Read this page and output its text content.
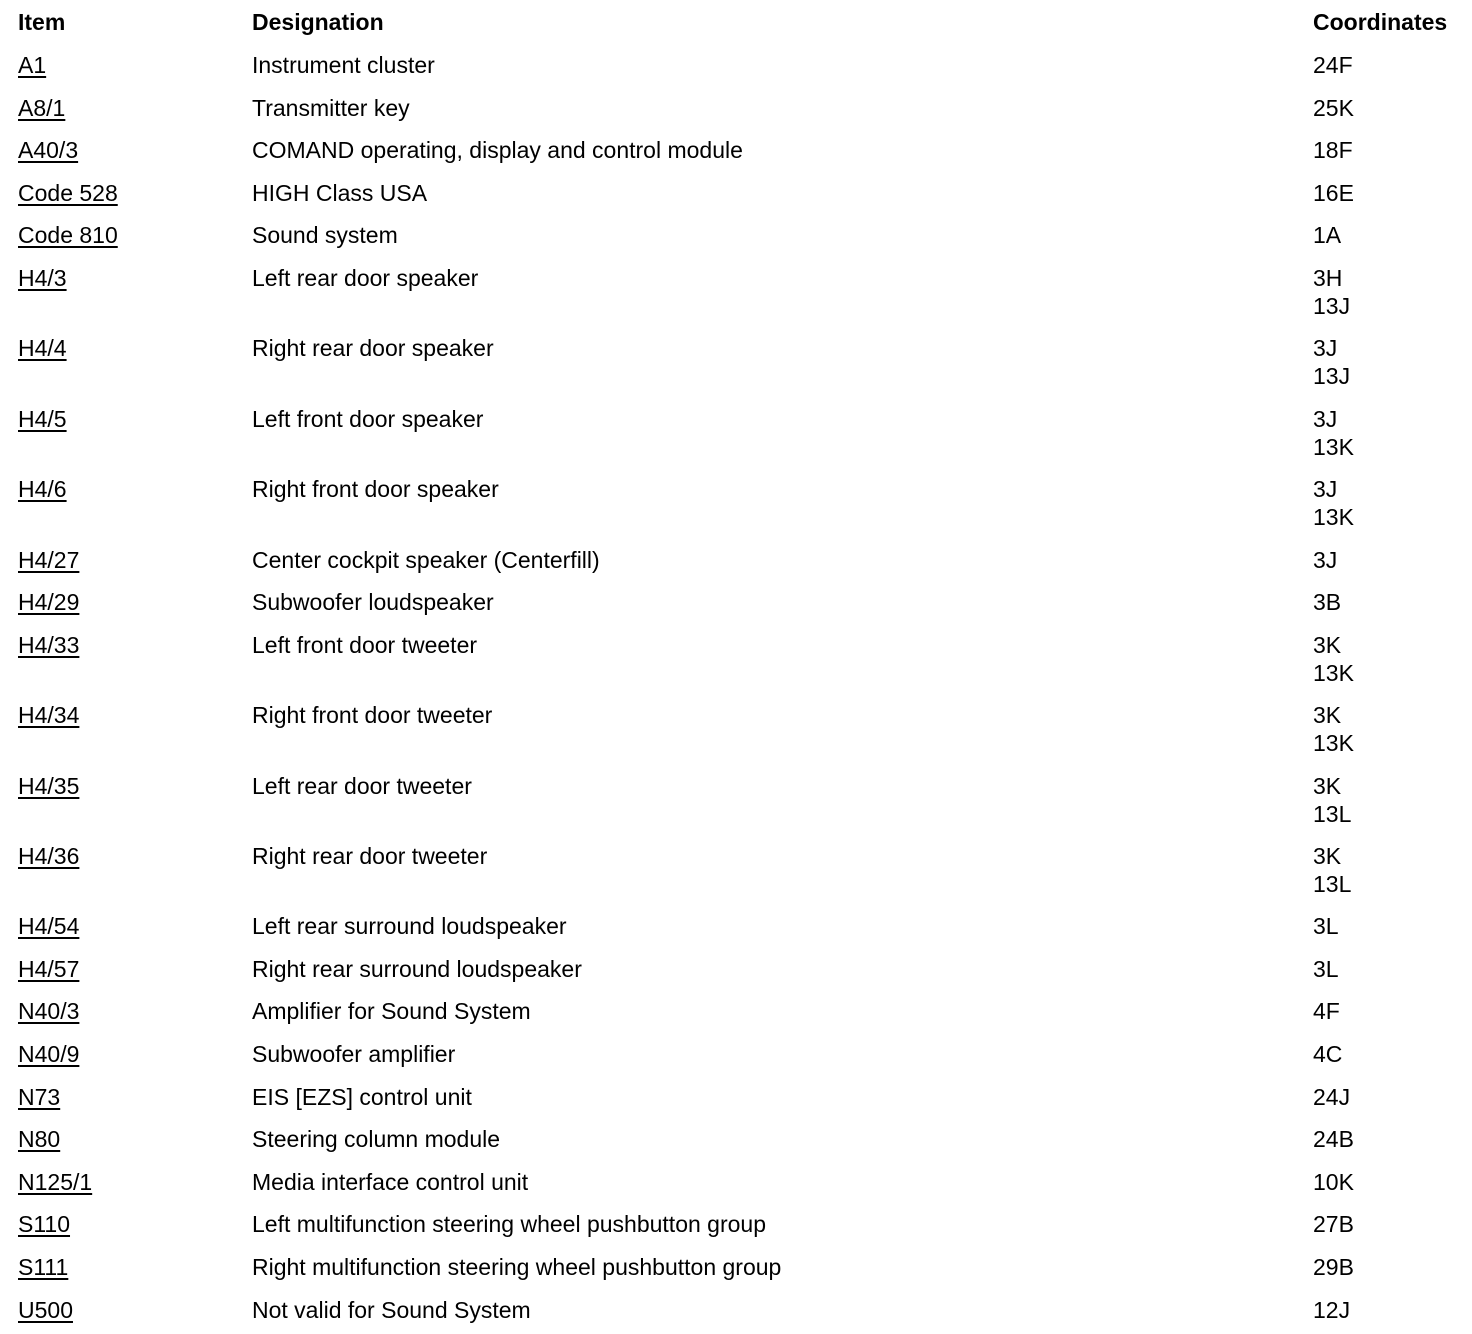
Item	Designation	Coordinates
A1	Instrument cluster	24F
A8/1	Transmitter key	25K
A40/3	COMAND operating, display and control module	18F
Code 528	HIGH Class USA	16E
Code 810	Sound system	1A
H4/3	Left rear door speaker	3H
13J
H4/4	Right rear door speaker	3J
13J
H4/5	Left front door speaker	3J
13K
H4/6	Right front door speaker	3J
13K
H4/27	Center cockpit speaker (Centerfill)	3J
H4/29	Subwoofer loudspeaker	3B
H4/33	Left front door tweeter	3K
13K
H4/34	Right front door tweeter	3K
13K
H4/35	Left rear door tweeter	3K
13L
H4/36	Right rear door tweeter	3K
13L
H4/54	Left rear surround loudspeaker	3L
H4/57	Right rear surround loudspeaker	3L
N40/3	Amplifier for Sound System	4F
N40/9	Subwoofer amplifier	4C
N73	EIS [EZS] control unit	24J
N80	Steering column module	24B
N125/1	Media interface control unit	10K
S110	Left multifunction steering wheel pushbutton group	27B
S111	Right multifunction steering wheel pushbutton group	29B
U500	Not valid for Sound System	12J
